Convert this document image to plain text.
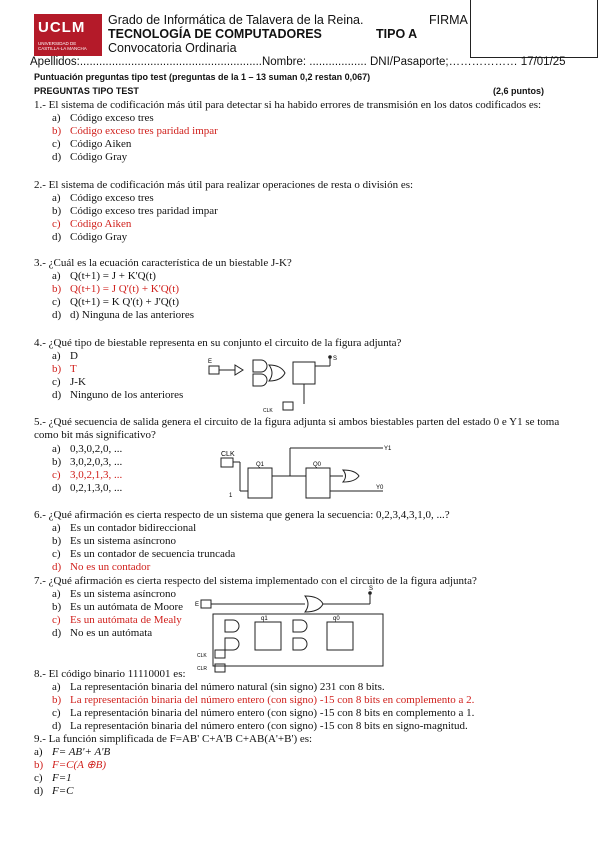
UCLM
UNIVERSIDAD DE CASTILLA-LA MANCHA
Grado de Informática de Talavera de la Reina.	FIRMA
TECNOLOGÍA DE COMPUTADORES	TIPO A
Convocatoria Ordinaria
Apellidos:.........................................................Nombre: .................. DNI/Pasaporte;……………… 17/01/25
Puntuación preguntas tipo test (preguntas de la 1 – 13 suman 0,2 restan 0,067)
PREGUNTAS TIPO TEST	(2,6 puntos)
1.- El sistema de codificación más útil para detectar si ha habido errores de transmisión en los datos codificados es:
a) Código exceso tres
b) Código exceso tres paridad impar
c) Código Aiken
d) Código Gray
2.- El sistema de codificación más útil para realizar operaciones de resta o división es:
a) Código exceso tres
b) Código exceso tres paridad impar
c) Código Aiken
d) Código Gray
3.- ¿Cuál es la ecuación característica de un biestable J-K?
a) Q(t+1) = J + K'Q(t)
b) Q(t+1) = J Q'(t) + K'Q(t)
c) Q(t+1) = K Q'(t) + J'Q(t)
d) d) Ninguna de las anteriores
4.- ¿Qué tipo de biestable representa en su conjunto el circuito de la figura adjunta?
a) D
b) T
c) J-K
d) Ninguno de los anteriores
E	S
CLK
5.- ¿Qué secuencia de salida genera el circuito de la figura adjunta si ambos biestables parten del estado 0 e Y1 se toma como bit más significativo?
a) 0,3,0,2,0, ...
b) 3,0,2,0,3, ...
c) 3,0,2,1,3, ...
d) 0,2,1,3,0, ...
CLK
Q1	Q0
1
Y1
Y0
6.- ¿Qué afirmación es cierta respecto de un sistema que genera la secuencia: 0,2,3,4,3,1,0, ...?
a) Es un contador bidireccional
b) Es un sistema asíncrono
c) Es un contador de secuencia truncada
d) No es un contador
7.- ¿Qué afirmación es cierta respecto del sistema implementado con el circuito de la figura adjunta?
a) Es un sistema asíncrono
b) Es un autómata de Moore
c) Es un autómata de Mealy
d) No es un autómata
E
S
q1	q0
CLK
CLR
8.- El código binario 11110001 es:
a) La representación binaria del número natural (sin signo) 231 con 8 bits.
b) La representación binaria del número entero (con signo) -15 con 8 bits en complemento a 2.
c) La representación binaria del número entero (con signo) -15 con 8 bits en complemento a 1.
d) La representación binaria del número entero (con signo) -15 con 8 bits en signo-magnitud.
9.- La función simplificada de F=AB' C+A'B C+AB(A'+B') es:
a) F= AB'+ A'B
b) F=C(A ⊕B)
c) F=1
d) F=C
